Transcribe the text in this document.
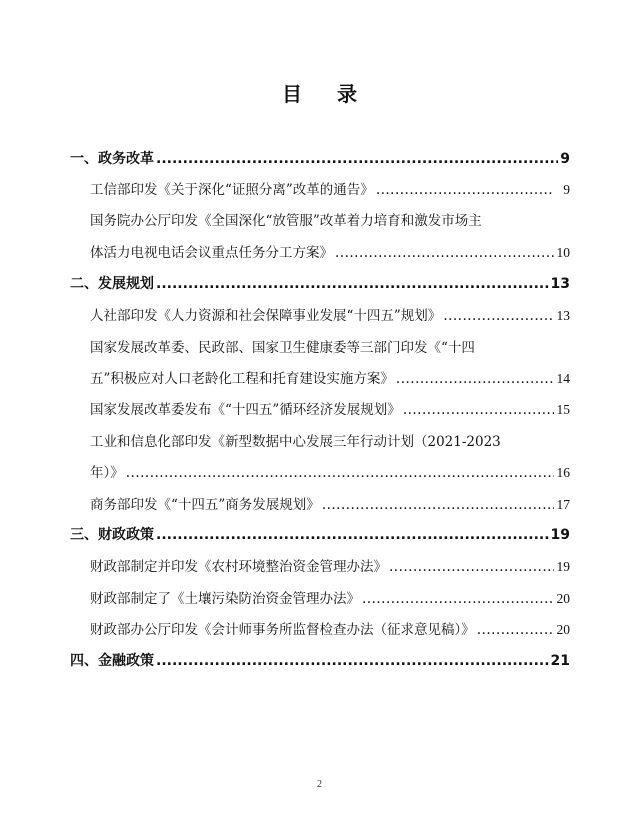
目 录
一、 政务改革 .....	9
工信部印发《关于深化“证照分离”改革的通告》 .....	9
国务院办公厅印发《全国深化“放管服”改革着力培育和激发市场主
体活力电视电话会议重点任务分工方案》 .....	10
二、 发展规划 .....	13
人社部印发《人力资源和社会保障事业发展“十四五”规划》 .....	13
国家发展改革委、民政部、国家卫生健康委等三部门印发《“十四
五”积极应对人口老龄化工程和托育建设实施方案》 .....	14
国家发展改革委发布《“十四五”循环经济发展规划》 .....	15
工业和信息化部印发《新型数据中心发展三年行动计划（2021-2023
年）》 .....	16
商务部印发《“十四五”商务发展规划》 .....	17
三、 财政政策 .....	19
财政部制定并印发《农村环境整治资金管理办法》 .....	19
财政部制定了《土壤污染防治资金管理办法》 .....	20
财政部办公厅印发《会计师事务所监督检查办法（征求意见稿）》 .....	20
四、 金融政策 .....	21
2
